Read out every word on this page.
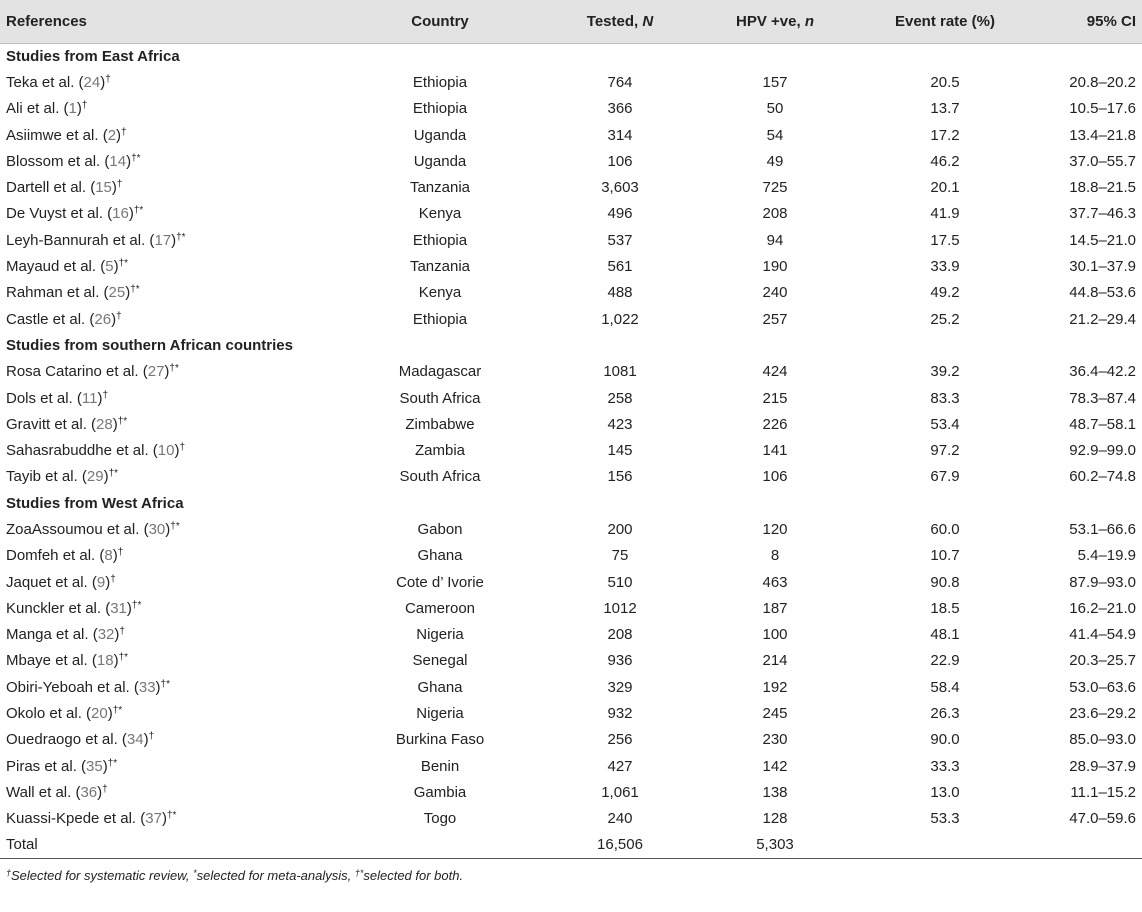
References	Country	Tested, N	HPV +ve, n	Event rate (%)	95% CI
Studies from East Africa					
Teka et al. (24)†	Ethiopia	764	157	20.5	20.8–20.2
Ali et al. (1)†	Ethiopia	366	50	13.7	10.5–17.6
Asiimwe et al. (2)†	Uganda	314	54	17.2	13.4–21.8
Blossom et al. (14)†*	Uganda	106	49	46.2	37.0–55.7
Dartell et al. (15)†	Tanzania	3,603	725	20.1	18.8–21.5
De Vuyst et al. (16)†*	Kenya	496	208	41.9	37.7–46.3
Leyh-Bannurah et al. (17)†*	Ethiopia	537	94	17.5	14.5–21.0
Mayaud et al. (5)†*	Tanzania	561	190	33.9	30.1–37.9
Rahman et al. (25)†*	Kenya	488	240	49.2	44.8–53.6
Castle et al. (26)†	Ethiopia	1,022	257	25.2	21.2–29.4
Studies from southern African countries					
Rosa Catarino et al. (27)†*	Madagascar	1081	424	39.2	36.4–42.2
Dols et al. (11)†	South Africa	258	215	83.3	78.3–87.4
Gravitt et al. (28)†*	Zimbabwe	423	226	53.4	48.7–58.1
Sahasrabuddhe et al. (10)†	Zambia	145	141	97.2	92.9–99.0
Tayib et al. (29)†*	South Africa	156	106	67.9	60.2–74.8
Studies from West Africa					
ZoaAssoumou et al. (30)†*	Gabon	200	120	60.0	53.1–66.6
Domfeh et al. (8)†	Ghana	75	8	10.7	5.4–19.9
Jaquet et al. (9)†	Cote d’ Ivorie	510	463	90.8	87.9–93.0
Kunckler et al. (31)†*	Cameroon	1012	187	18.5	16.2–21.0
Manga et al. (32)†	Nigeria	208	100	48.1	41.4–54.9
Mbaye et al. (18)†*	Senegal	936	214	22.9	20.3–25.7
Obiri-Yeboah et al. (33)†*	Ghana	329	192	58.4	53.0–63.6
Okolo et al. (20)†*	Nigeria	932	245	26.3	23.6–29.2
Ouedraogo et al. (34)†	Burkina Faso	256	230	90.0	85.0–93.0
Piras et al. (35)†*	Benin	427	142	33.3	28.9–37.9
Wall et al. (36)†	Gambia	1,061	138	13.0	11.1–15.2
Kuassi-Kpede et al. (37)†*	Togo	240	128	53.3	47.0–59.6
Total		16,506	5,303		
†Selected for systematic review, *selected for meta-analysis, †*selected for both.
